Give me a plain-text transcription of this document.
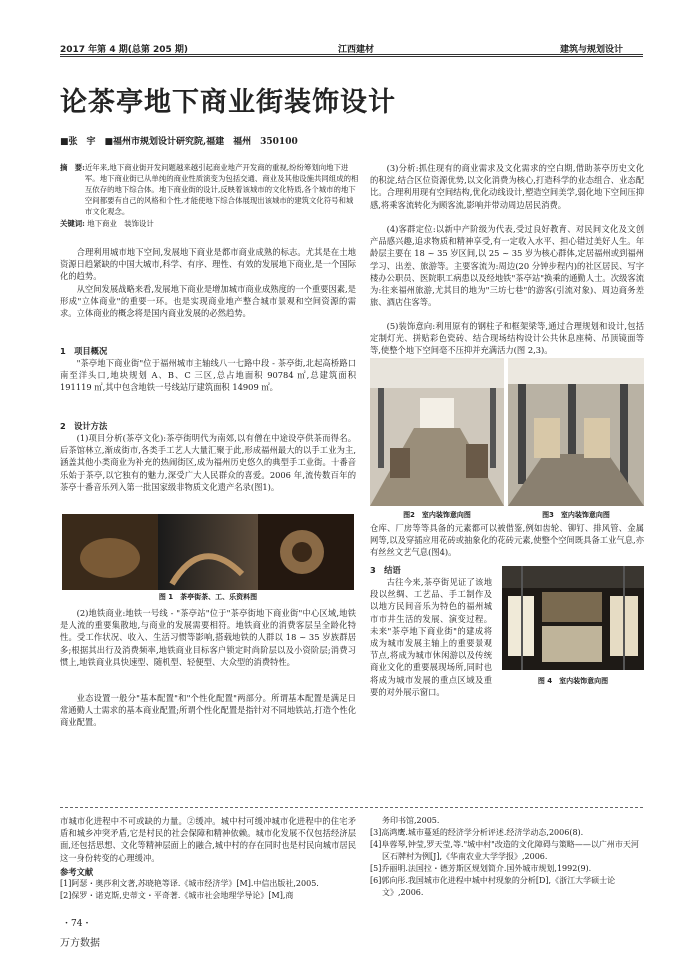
2017 年第 4 期(总第 205 期)	江西建材	建筑与规划设计
论茶亭地下商业街装饰设计
■张　宇　■福州市规划设计研究院,福建　福州　350100
摘　要: 近年来,地下商业街开发问题越来越引起商业地产开发商的重视,纷纷筹划向地下进军。地下商业街已从单纯的商业性质演变为包括交通、商业及其他设施共同组成的相互依存的地下综合体。地下商业街的设计,反映着该城市的文化特质,各个城市的地下空间都要有自己的风格和个性,才能使地下综合体展现出该城市的建筑文化符号和城市文化观念。
关键词: 地下商业　装饰设计
合理利用城市地下空间,发展地下商业是都市商业成熟的标志。尤其是在土地资源日趋紧缺的中国大城市,科学、有序、理性、有效的发展地下商业,是一个国际化的趋势。
从空间发展战略来看,发展地下商业是增加城市商业成熟度的一个重要因素,是形成"立体商业"的重要一环。也是实现商业地产整合城市景观和空间资源的需求。立体商业的概念将是国内商业发展的必然趋势。
1　项目概况
"茶亭地下商业街"位于福州城市主轴线八一七路中段 - 茶亭街,北起高桥路口南至洋头口,地块规划 A、B、C 三区,总占地面积 90784 ㎡,总建筑面积 191119 ㎡,其中包含地铁一号线站厅建筑面积 14909 ㎡。
2　设计方法
(1)项目分析(茶亭文化):茶亭街明代为南郊,以有僧在中途设亭供茶而得名。后茶馆林立,渐成街市,各类手工艺人大量汇聚于此,形成福州最大的以手工业为主,涵盖其他小类商业为补充的热闹街区,成为福州历史悠久的典型手工业街。十番音乐始于茶亭,以它独有的魅力,深受广大人民群众的喜爱。2006 年,流传数百年的茶亭十番音乐列入第一批国家级非物质文化遗产名录(图1)。
图 1　茶亭街茶、工、乐资料图
(2)地铁商业:地铁一号线 - "茶亭站"位于"茶亭街地下商业街"中心区域,地铁是人流的重要集散地,与商业的发展需要相符。地铁商业的消费客层呈全龄化特性。受工作状况、收入、生活习惯等影响,搭载地铁的人群以 18 ~ 35 岁族群居多;根据其出行及消费频率,地铁商业目标客户锁定时尚阶层以及小资阶层;消费习惯上,地铁商业具快速型、随机型、轻便型、大众型的消费特性。
业态设置一般分"基本配置"和"个性化配置"两部分。所谓基本配置是满足日常通勤人士需求的基本商业配置;所谓个性化配置是指针对不同地铁站,打造个性化商业配置。
(3)分析:抓住现有的商业需求及文化需求的空白期,借助茶亭历史文化的积淀,结合区位资源优势,以文化消费为核心,打造科学的业态组合、业态配比。合理利用现有空间结构,优化动线设计,塑造空间美学,弱化地下空间压抑感,将乘客流转化为顾客流,影响并带动周边居民消费。
(4)客群定位:以新中产阶级为代表,受过良好教育、对民间文化及文创产品感兴趣,追求物质和精神享受,有一定收入水平、担心错过美好人生。年龄层主要在 18 ~ 35 岁区间,以 25 ~ 35 岁为核心群体,定居福州或到福州学习、出差、旅游等。主要客流为:周边(20 分钟步程内)的社区居民、写字楼办公职员、医院职工病患以及经地铁"茶亭站"换乘的通勤人士。次级客流为:往来福州旅游,尤其目的地为"三坊七巷"的游客(引流对象)、周边商务差旅、酒店住客等。
(5)装饰意向:利用原有的钢柱子和框架梁等,通过合理规划和设计,包括定制灯光、拼贴彩色瓷砖、结合现场结构设计公共休息座椅、吊顶镜面等等,使整个地下空间毫不压抑并充满活力(图 2,3)。
图2　室内装饰意向图	图3　室内装饰意向图
仓库、厂房等等具备的元素都可以被借鉴,例如齿轮、铆钉、排风管、金属网等,以及穿插应用花砖或抽象化的花砖元素,使整个空间既具备工业气息,亦有丝丝文艺气息(图4)。
3　结语
古往今来,茶亭街见证了该地段以丝绸、工艺品、手工制作及以地方民间音乐为特色的福州城市市井生活的发展、演变过程。未来"茶亭地下商业街"的建成将成为城市发展主轴上的重要景观节点,将成为城市休闲游以及传统商业文化的重要展现场所,同时也将成为城市发展的重点区域及重要的对外展示窗口。
图 4　室内装饰意向图
市城市化进程中不可或缺的力量。②缓冲。城中村可缓冲城市化进程中的住宅矛盾和城乡冲突矛盾,它是村民的社会保障和精神依赖。城市化发展不仅包括经济层面,还包括思想、文化等精神层面上的融合,城中村的存在同时也是村民向城市居民这一身份转变的心理缓冲。
参考文献
[1]阿瑟・奥莎利文著,苏晓艳等译.《城市经济学》[M].中信出版社,2005.
[2]保罗・诺克斯,史蒂文・平奇著.《城市社会地理学导论》[M],商
务印书馆,2005.
[3]高鸿鹰.城市蔓延的经济学分析评述.经济学动态,2006(8).
[4]阜蓉琴,钟莹,罗天莹,等."城中村"改造的文化障碍与策略——以广州市天河区石牌村为例[J],《华南农业大学学报》,2006.
[5]乔丽明.法国拉・德芳斯区规划简介.国外城市规划,1992(9).
[6]郭向彤.我国城市化进程中城中村现象的分析[D],《浙江大学硕士论文》,2006.
・74・
万方数据
